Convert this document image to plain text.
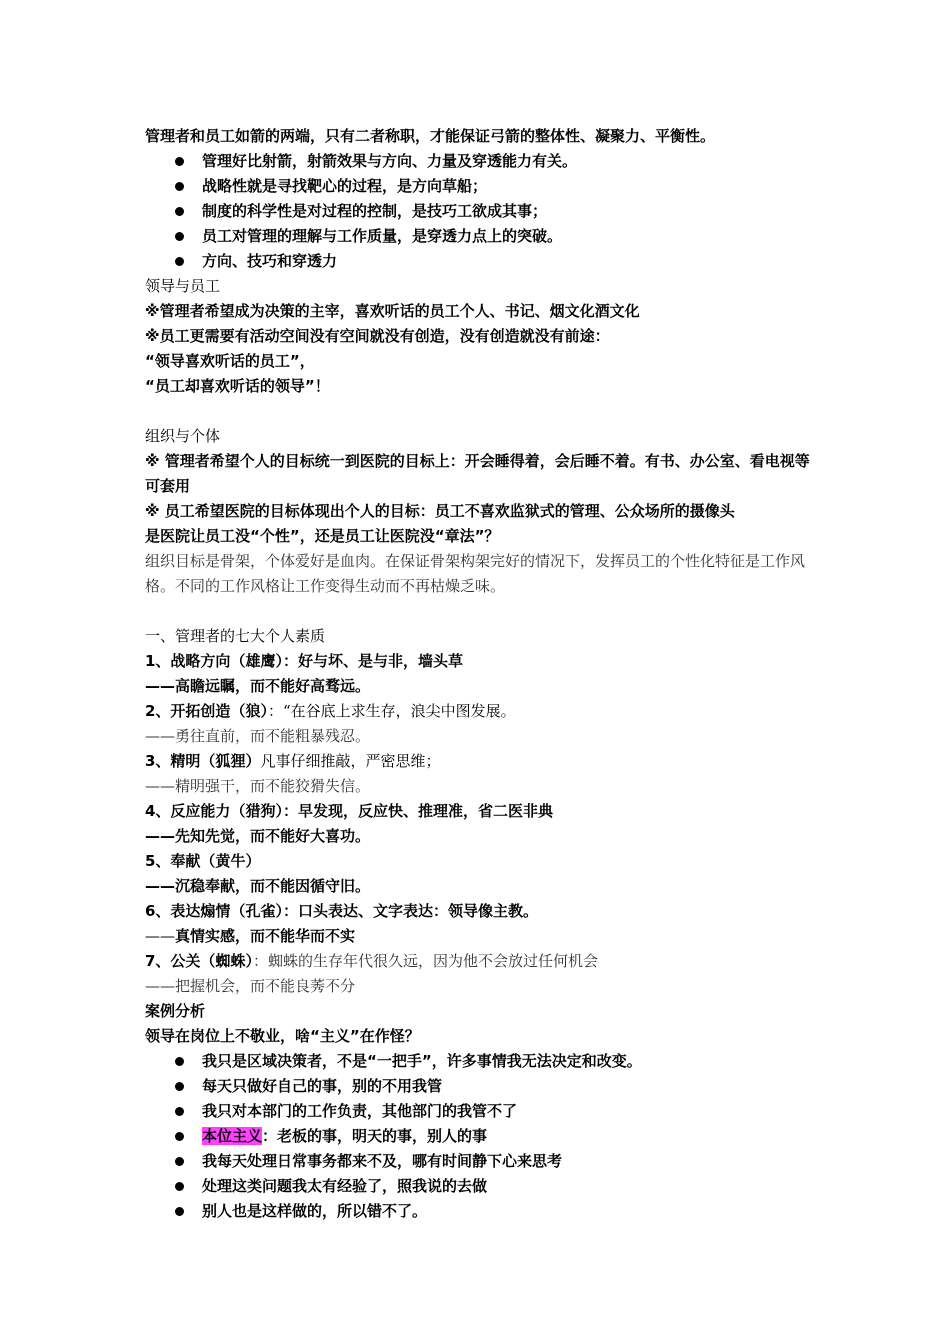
管理者和员工如箭的两端，只有二者称职，才能保证弓箭的整体性、凝聚力、平衡性。
管理好比射箭，射箭效果与方向、力量及穿透能力有关。
战略性就是寻找靶心的过程，是方向草船；
制度的科学性是对过程的控制，是技巧工欲成其事；
员工对管理的理解与工作质量，是穿透力点上的突破。
方向、技巧和穿透力
领导与员工
※管理者希望成为决策的主宰，喜欢听话的员工个人、书记、烟文化酒文化
※员工更需要有活动空间没有空间就没有创造，没有创造就没有前途：
“领导喜欢听话的员工”，
“员工却喜欢听话的领导”！
组织与个体
※ 管理者希望个人的目标统一到医院的目标上：开会睡得着，会后睡不着。有书、办公室、看电视等可套用
※ 员工希望医院的目标体现出个人的目标：员工不喜欢监狱式的管理、公众场所的摄像头
是医院让员工没“个性”，还是员工让医院没“章法”？
组织目标是骨架，个体爱好是血肉。在保证骨架构架完好的情况下，发挥员工的个性化特征是工作风格。不同的工作风格让工作变得生动而不再枯燥乏味。
一、管理者的七大个人素质
1、战略方向（雄鹰）：好与坏、是与非，墙头草
——高瞻远瞩，而不能好高骛远。
2、开拓创造（狼）：“在谷底上求生存，浪尖中图发展。
——勇往直前，而不能粗暴残忍。
3、精明（狐狸）凡事仔细推敲，严密思维；
——精明强干，而不能狡猾失信。
4、反应能力（猎狗）：早发现，反应快、推理准，省二医非典
——先知先觉，而不能好大喜功。
5、奉献（黄牛）
——沉稳奉献，而不能因循守旧。
6、表达煽情（孔雀）：口头表达、文字表达：领导像主教。
——真情实感，而不能华而不实
7、公关（蜘蛛）：蜘蛛的生存年代很久远，因为他不会放过任何机会
——把握机会，而不能良莠不分
案例分析
领导在岗位上不敬业，啥“主义”在作怪？
我只是区域决策者，不是“一把手”，许多事情我无法决定和改变。
每天只做好自己的事，别的不用我管
我只对本部门的工作负责，其他部门的我管不了
本位主义：老板的事，明天的事，别人的事
我每天处理日常事务都来不及，哪有时间静下心来思考
处理这类问题我太有经验了，照我说的去做
别人也是这样做的，所以错不了。
